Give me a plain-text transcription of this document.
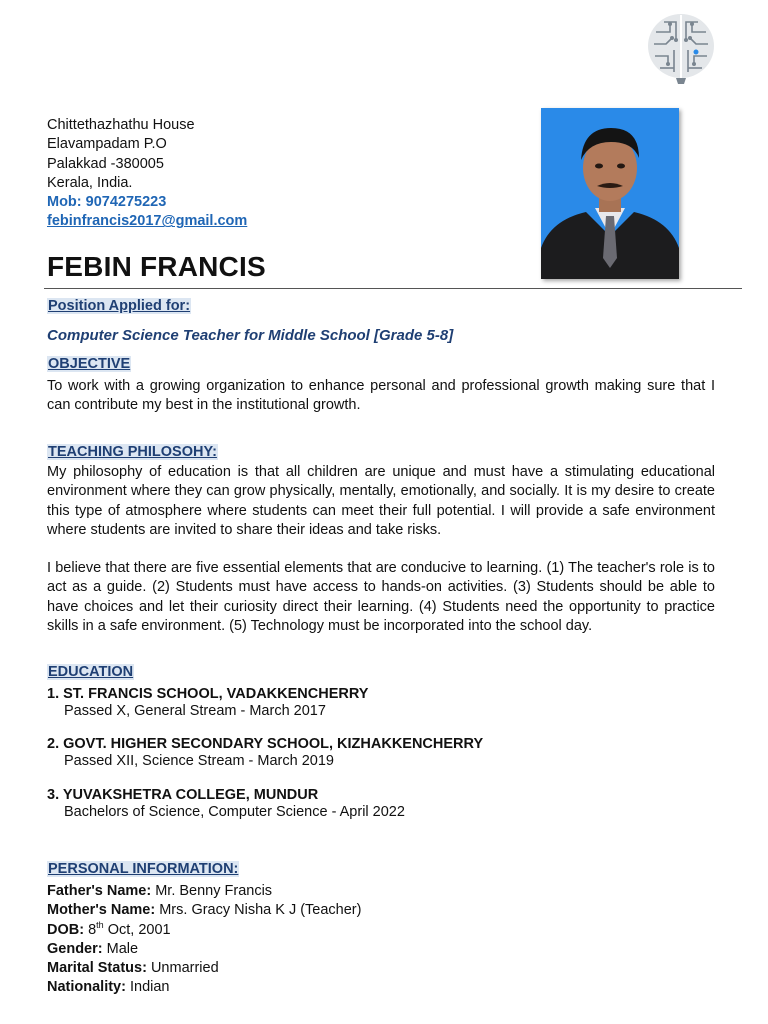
Chittethazhathu House
Elavampadam P.O
Palakkad -380005
Kerala, India.
Mob: 9074275223
febinfrancis2017@gmail.com
FEBIN FRANCIS
Position Applied for:
Computer Science Teacher for Middle School [Grade 5-8]
OBJECTIVE
To work with a growing organization to enhance personal and professional growth making sure that I can contribute my best in the institutional growth.
TEACHING PHILOSOHY:
My philosophy of education is that all children are unique and must have a stimulating educational environment where they can grow physically, mentally, emotionally, and socially. It is my desire to create this type of atmosphere where students can meet their full potential. I will provide a safe environment where students are invited to share their ideas and take risks.
I believe that there are five essential elements that are conducive to learning. (1) The teacher's role is to act as a guide. (2) Students must have access to hands-on activities. (3) Students should be able to have choices and let their curiosity direct their learning. (4) Students need the opportunity to practice skills in a safe environment. (5) Technology must be incorporated into the school day.
EDUCATION
1. ST. FRANCIS SCHOOL, VADAKKENCHERRY
Passed X, General Stream - March 2017
2. GOVT. HIGHER SECONDARY SCHOOL, KIZHAKKENCHERRY
Passed XII, Science Stream - March 2019
3. YUVAKSHETRA COLLEGE, MUNDUR
Bachelors of Science, Computer Science - April 2022
PERSONAL INFORMATION:
Father's Name: Mr. Benny Francis
Mother's Name: Mrs. Gracy Nisha K J (Teacher)
DOB: 8th Oct, 2001
Gender: Male
Marital Status: Unmarried
Nationality: Indian
